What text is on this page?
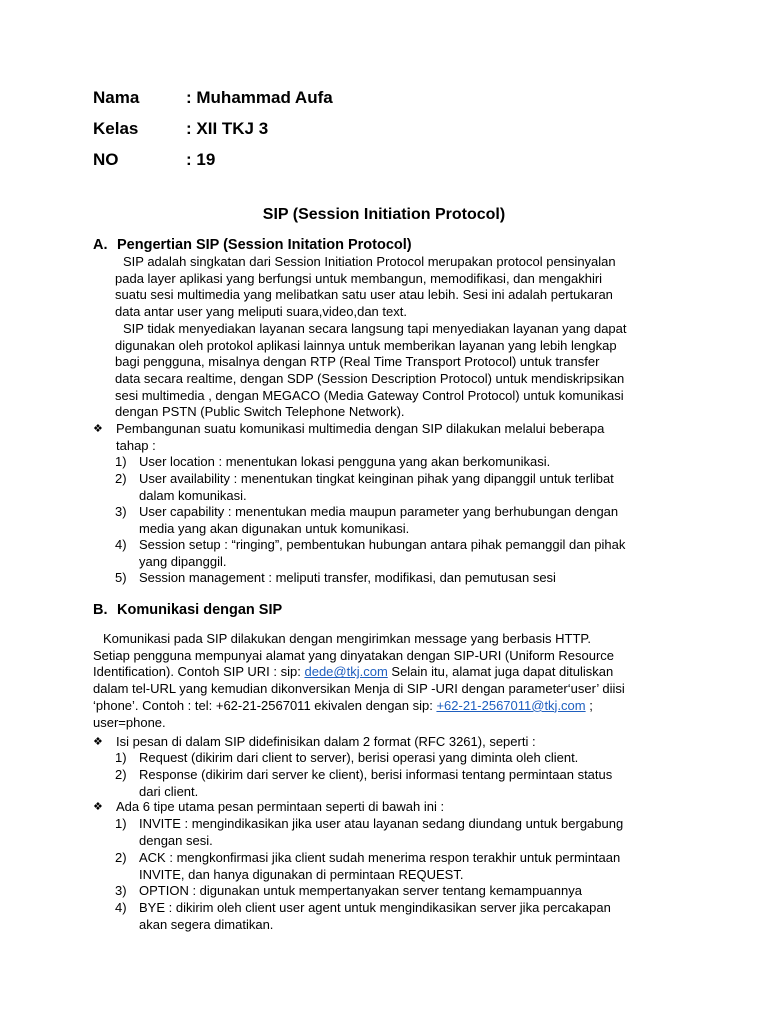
Nama	: Muhammad Aufa
Kelas	: XII TKJ 3
NO	: 19
SIP (Session Initiation Protocol)
A. Pengertian SIP (Session Initation Protocol)
SIP adalah singkatan dari Session Initiation Protocol merupakan protocol pensinyalan
pada layer aplikasi yang berfungsi untuk membangun, memodifikasi, dan mengakhiri
suatu sesi multimedia yang melibatkan satu user atau lebih. Sesi ini adalah pertukaran
data antar user yang meliputi suara,video,dan text.
SIP tidak menyediakan layanan secara langsung tapi menyediakan layanan yang dapat
digunakan oleh protokol aplikasi lainnya untuk memberikan layanan yang lebih lengkap
bagi pengguna, misalnya dengan RTP (Real Time Transport Protocol) untuk transfer
data secara realtime, dengan SDP (Session Description Protocol) untuk mendiskripsikan
sesi multimedia , dengan MEGACO (Media Gateway Control Protocol) untuk komunikasi
dengan PSTN (Public Switch Telephone Network).
❖	Pembangunan suatu komunikasi multimedia dengan SIP dilakukan melalui beberapa
tahap :
1) User location : menentukan lokasi pengguna yang akan berkomunikasi.
2) User availability : menentukan tingkat keinginan pihak yang dipanggil untuk terlibat
dalam komunikasi.
3) User capability : menentukan media maupun parameter yang berhubungan dengan
media yang akan digunakan untuk komunikasi.
4) Session setup : “ringing”, pembentukan hubungan antara pihak pemanggil dan pihak
yang dipanggil.
5) Session management : meliputi transfer, modifikasi, dan pemutusan sesi
B. Komunikasi dengan SIP
Komunikasi pada SIP dilakukan dengan mengirimkan message yang berbasis HTTP.
Setiap pengguna mempunyai alamat yang dinyatakan dengan SIP-URI (Uniform Resource
Identification). Contoh SIP URI : sip: dede@tkj.com Selain itu, alamat juga dapat dituliskan
dalam tel-URL yang kemudian dikonversikan Menja di SIP -URI dengan parameter‘user’ diisi
‘phone’. Contoh : tel: +62-21-2567011 ekivalen dengan sip: +62-21-2567011@tkj.com ;
user=phone.
❖	Isi pesan di dalam SIP didefinisikan dalam 2 format (RFC 3261), seperti :
1) Request (dikirim dari client to server), berisi operasi yang diminta oleh client.
2) Response (dikirim dari server ke client), berisi informasi tentang permintaan status
dari client.
❖	Ada 6 tipe utama pesan permintaan seperti di bawah ini :
1) INVITE : mengindikasikan jika user atau layanan sedang diundang untuk bergabung
dengan sesi.
2) ACK : mengkonfirmasi jika client sudah menerima respon terakhir untuk permintaan
INVITE, dan hanya digunakan di permintaan REQUEST.
3) OPTION : digunakan untuk mempertanyakan server tentang kemampuannya
4) BYE : dikirim oleh client user agent untuk mengindikasikan server jika percakapan
akan segera dimatikan.
